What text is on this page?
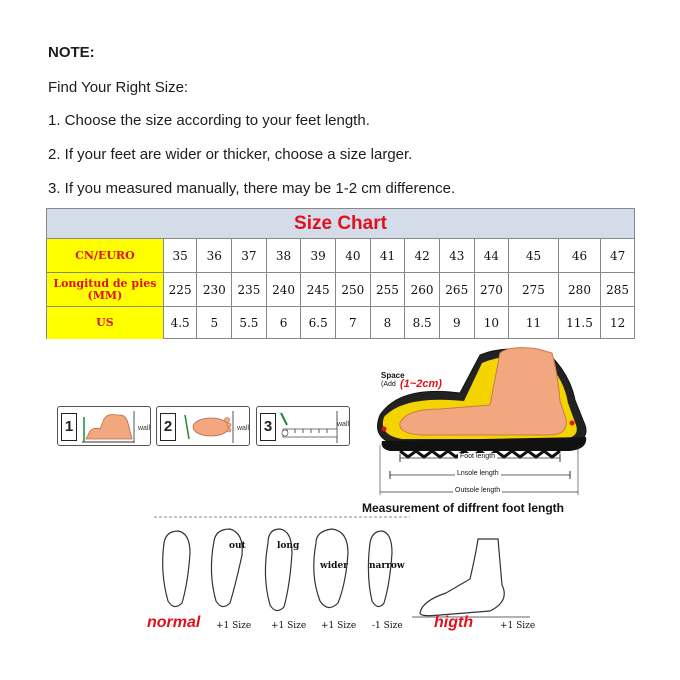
NOTE:
Find Your Right Size:
1. Choose the size according to your feet length.
2. If your feet are wider or thicker, choose a size larger.
3. If you measured manually, there may be 1-2 cm difference.
Size Chart
CN/EURO	35	36	37	38	39	40	41	42	43	44	45	46	47
Longitud de pies
(MM)	225 230 235 240 245 250 255 260 265 270	275	280	285
US	4.5	5	5.5	6	6.5	7	8	8.5	9	10	11	11.5	12
1	wall 2	wall 3	wall
Space
(Add (1~2cm)
Foot length
Lnsole length
Outsole length
Measurement of diffrent foot length
out	long
wider narrow
normal +1 Size +1 Size +1 Size -1 Size higth	+1 Size
